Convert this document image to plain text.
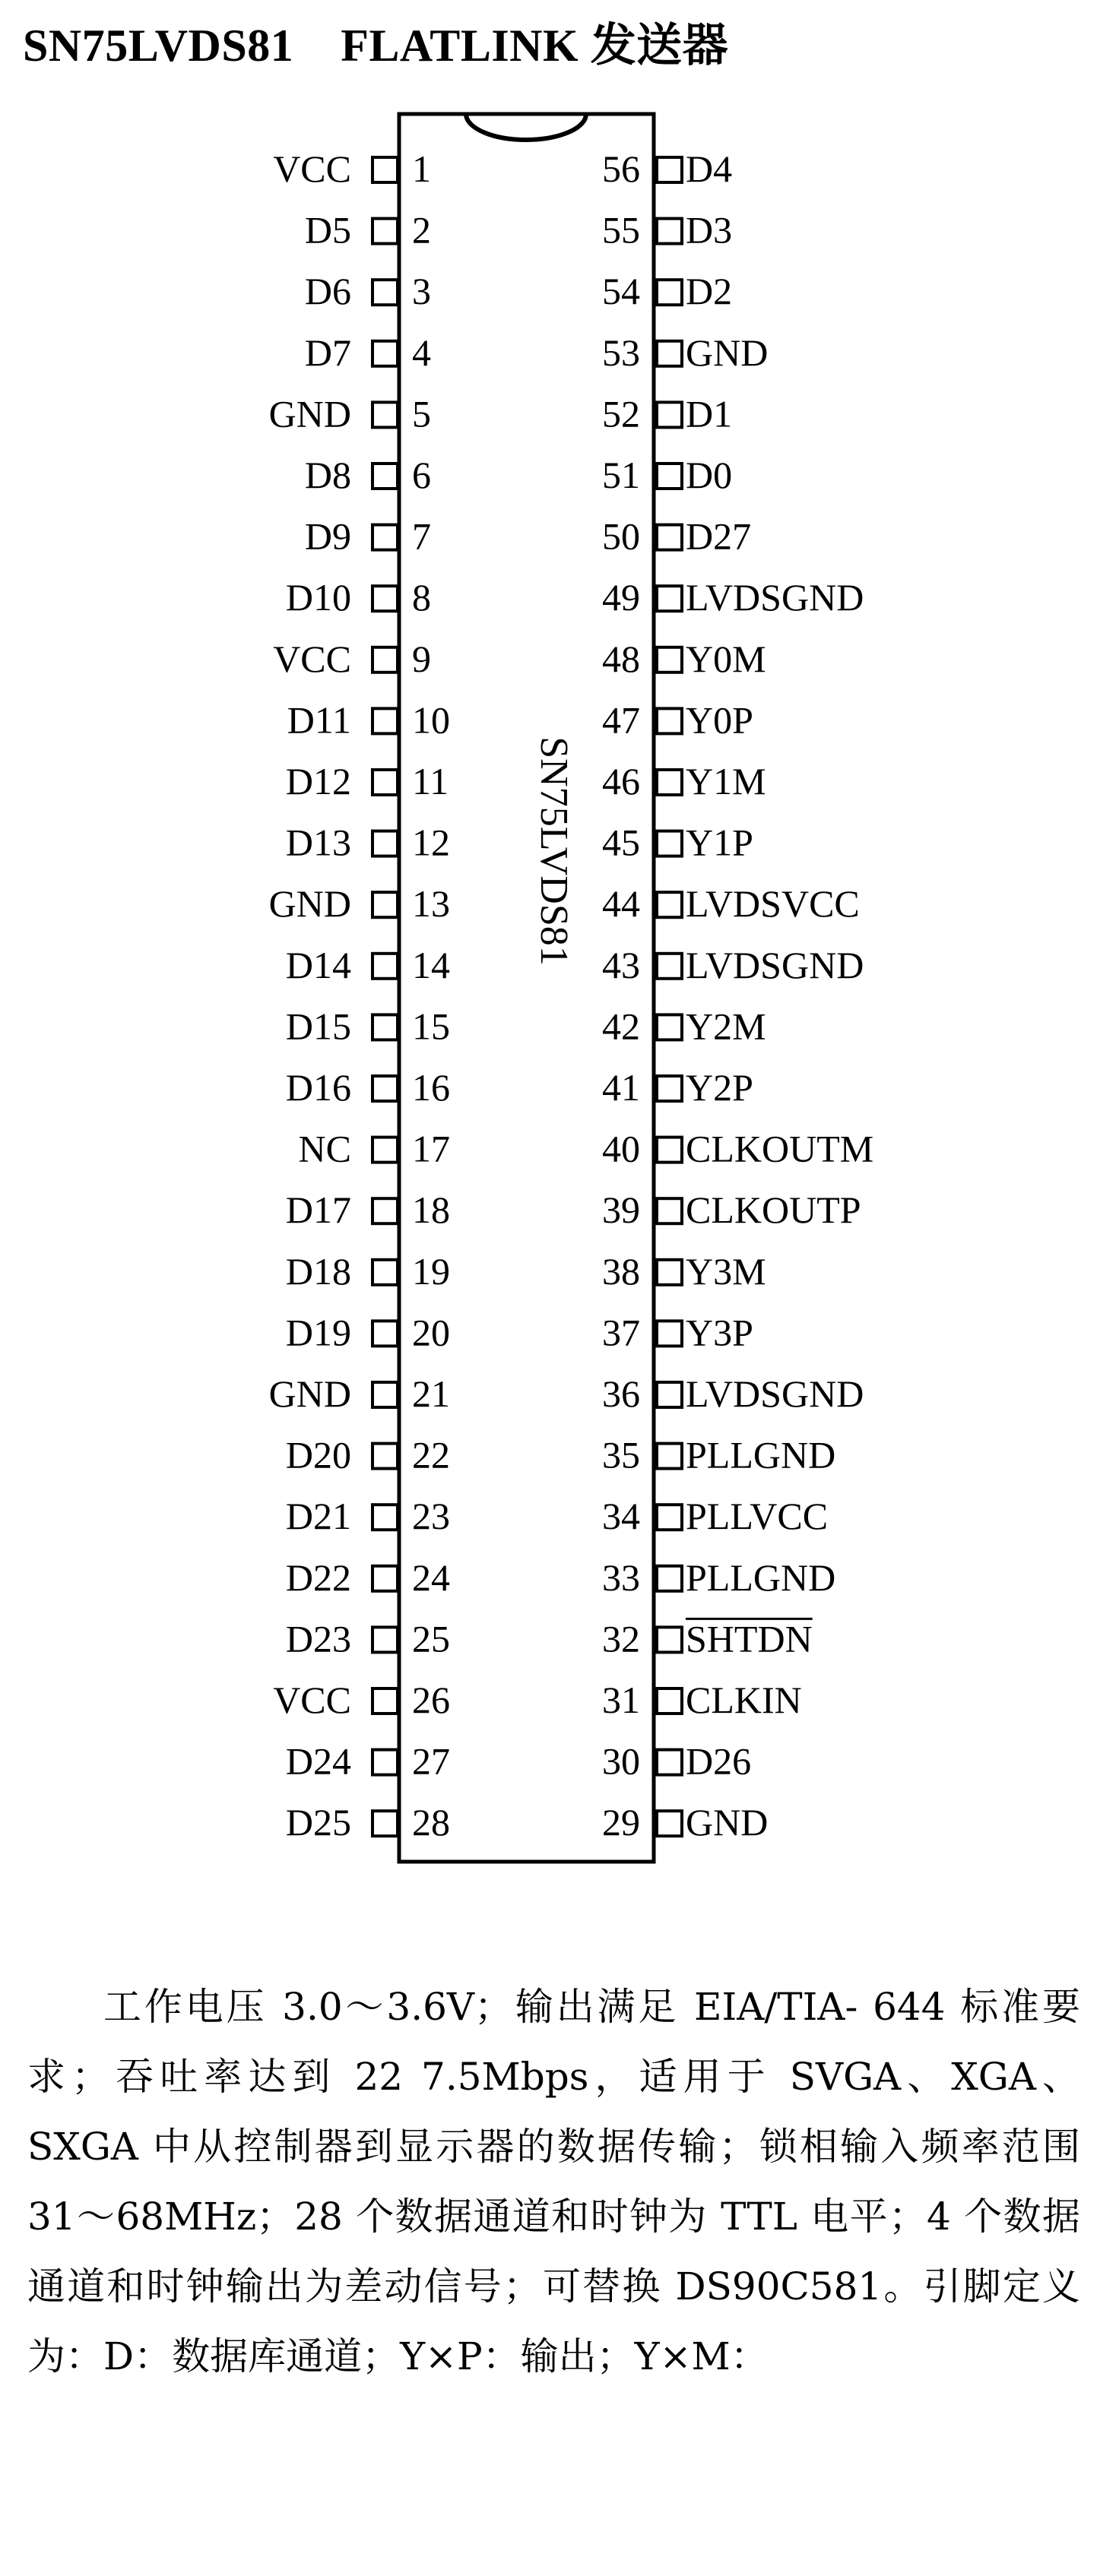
SN75LVDS81 FLATLINK 发送器
SN75LVDS81
VCC 1
D5 2
D6 3
D7 4
GND 5
D8 6
D9 7
D10 8
VCC 9
D11 10
D12 11
D13 12
GND 13
D14 14
D15 15
D16 16
NC 17
D17 18
D18 19
D19 20
GND 21
D20 22
D21 23
D22 24
D23 25
VCC 26
D24 27
D25 28
56 D4
55 D3
54 D2
53 GND
52 D1
51 D0
50 D27
49 LVDSGND
48 Y0M
47 Y0P
46 Y1M
45 Y1P
44 LVDSVCC
43 LVDSGND
42 Y2M
41 Y2P
40 CLKOUTM
39 CLKOUTP
38 Y3M
37 Y3P
36 LVDSGND
35 PLLGND
34 PLLVCC
33 PLLGND
32 SHTDN
31 CLKIN
30 D26
29 GND

工作电压 3.0～3.6V；输出满足 EIA/TIA- 644 标准要求；吞吐率达到 22 7.5Mbps，适用于 SVGA、XGA、SXGA 中从控制器到显示器的数据传输；锁相输入频率范围 31～68MHz；28 个数据通道和时钟为 TTL 电平；4 个数据通道和时钟输出为差动信号；可替换 DS90C581。引脚定义为：D：数据库通道；Y×P：输出；Y×M：
